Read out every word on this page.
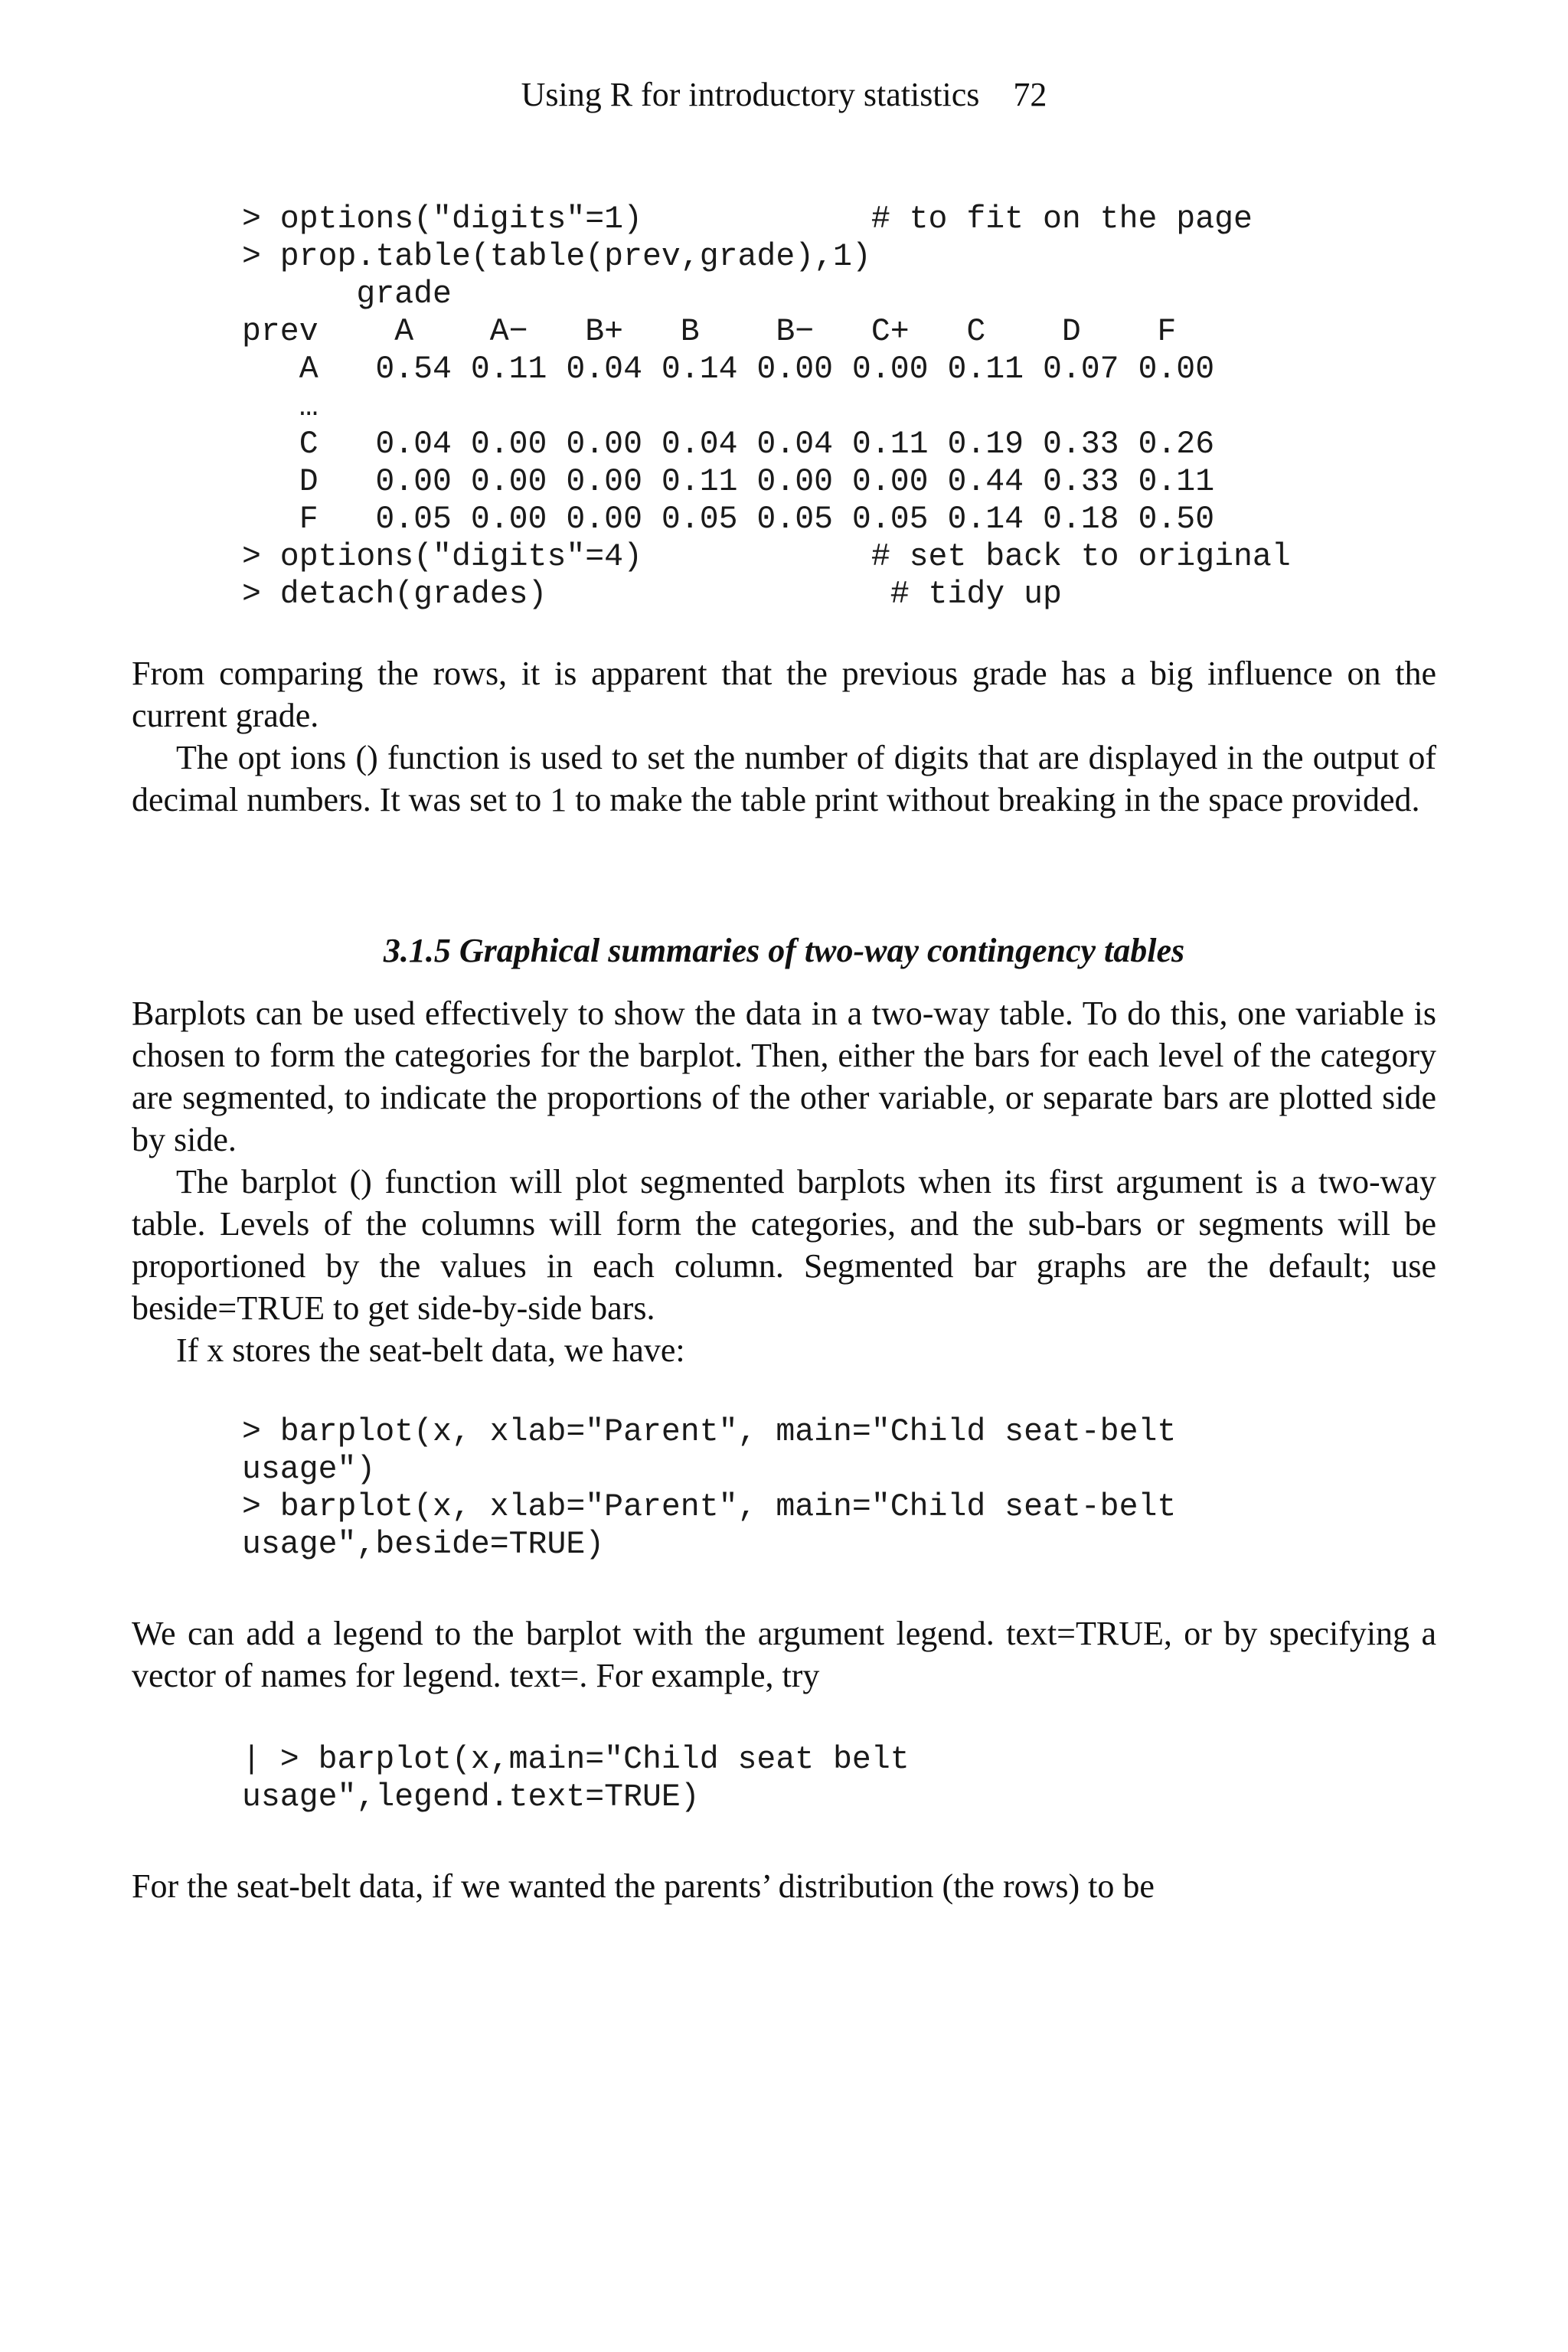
Using R for introductory statistics    72
> options("digits"=1)            # to fit on the page
> prop.table(table(prev,grade),1)
grade
prev    A    A−   B+   B    B−   C+   C    D    F
A   0.54 0.11 0.04 0.14 0.00 0.00 0.11 0.07 0.00
…
C   0.04 0.00 0.00 0.04 0.04 0.11 0.19 0.33 0.26
D   0.00 0.00 0.00 0.11 0.00 0.00 0.44 0.33 0.11
F   0.05 0.00 0.00 0.05 0.05 0.05 0.14 0.18 0.50
> options("digits"=4)            # set back to original
> detach(grades)                  # tidy up

From comparing the rows, it is apparent that the previous grade has a big influence on the current grade.

The opt ions () function is used to set the number of digits that are displayed in the output of decimal numbers. It was set to 1 to make the table print without breaking in the space provided.

3.1.5 Graphical summaries of two-way contingency tables

Barplots can be used effectively to show the data in a two-way table. To do this, one variable is chosen to form the categories for the barplot. Then, either the bars for each level of the category are segmented, to indicate the proportions of the other variable, or separate bars are plotted side by side.

The barplot () function will plot segmented barplots when its first argument is a two-way table. Levels of the columns will form the categories, and the sub-bars or segments will be proportioned by the values in each column. Segmented bar graphs are the default; use beside=TRUE to get side-by-side bars.

If x stores the seat-belt data, we have:

> barplot(x, xlab="Parent", main="Child seat-belt
usage")
> barplot(x, xlab="Parent", main="Child seat-belt
usage",beside=TRUE)

We can add a legend to the barplot with the argument legend. text=TRUE, or by specifying a vector of names for legend. text=. For example, try

| > barplot(x,main="Child seat belt
usage",legend.text=TRUE)

For the seat-belt data, if we wanted the parents’ distribution (the rows) to be
